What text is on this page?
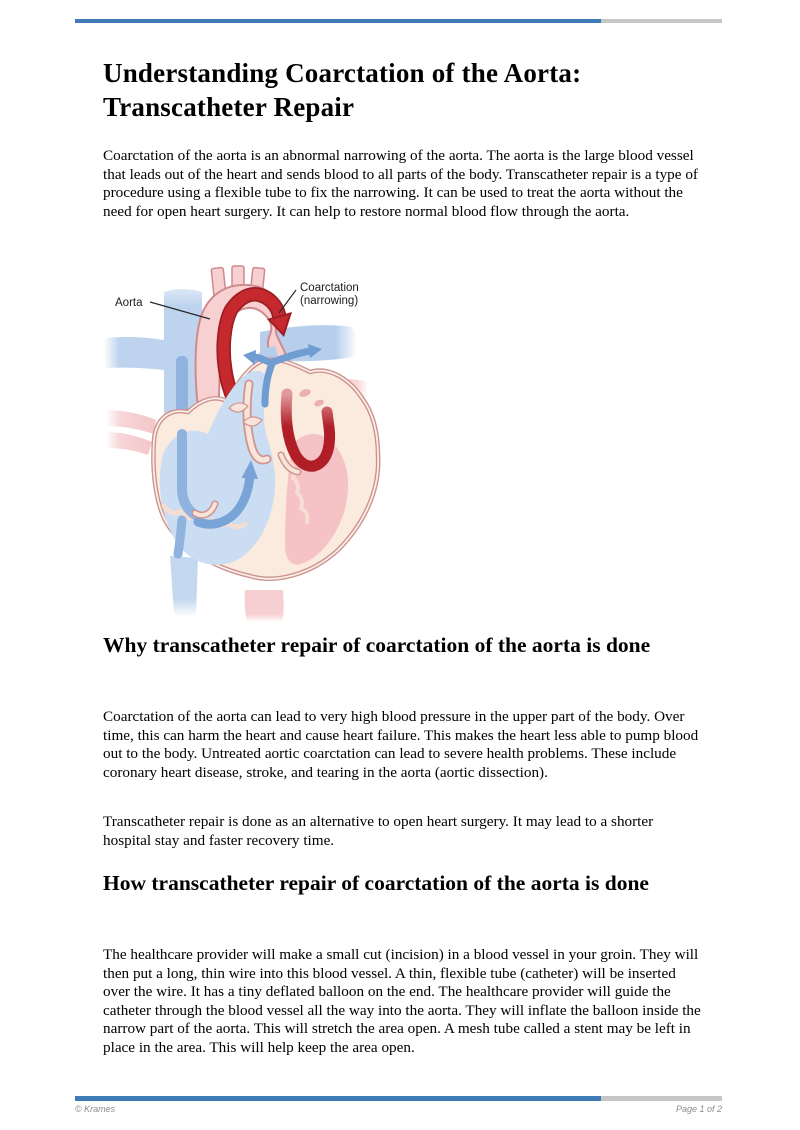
Understanding Coarctation of the Aorta: Transcatheter Repair

Coarctation of the aorta is an abnormal narrowing of the aorta. The aorta is the large blood vessel that leads out of the heart and sends blood to all parts of the body. Transcatheter repair is a type of procedure using a flexible tube to fix the narrowing. It can be used to treat the aorta without the need for open heart surgery. It can help to restore normal blood flow through the aorta.

Aorta
Coarctation
(narrowing)
Why transcatheter repair of coarctation of the aorta is done

Coarctation of the aorta can lead to very high blood pressure in the upper part of the body. Over time, this can harm the heart and cause heart failure. This makes the heart less able to pump blood out to the body. Untreated aortic coarctation can lead to severe health problems. These include coronary heart disease, stroke, and tearing in the aorta (aortic dissection).

Transcatheter repair is done as an alternative to open heart surgery. It may lead to a shorter hospital stay and faster recovery time.

How transcatheter repair of coarctation of the aorta is done

The healthcare provider will make a small cut (incision) in a blood vessel in your groin. They will then put a long, thin wire into this blood vessel. A thin, flexible tube (catheter) will be inserted over the wire. It has a tiny deflated balloon on the end. The healthcare provider will guide the catheter through the blood vessel all the way into the aorta. They will inflate the balloon inside the narrow part of the aorta. This will stretch the area open. A mesh tube called a stent may be left in place in the area. This will help keep the area open.

© Krames	Page 1 of 2
